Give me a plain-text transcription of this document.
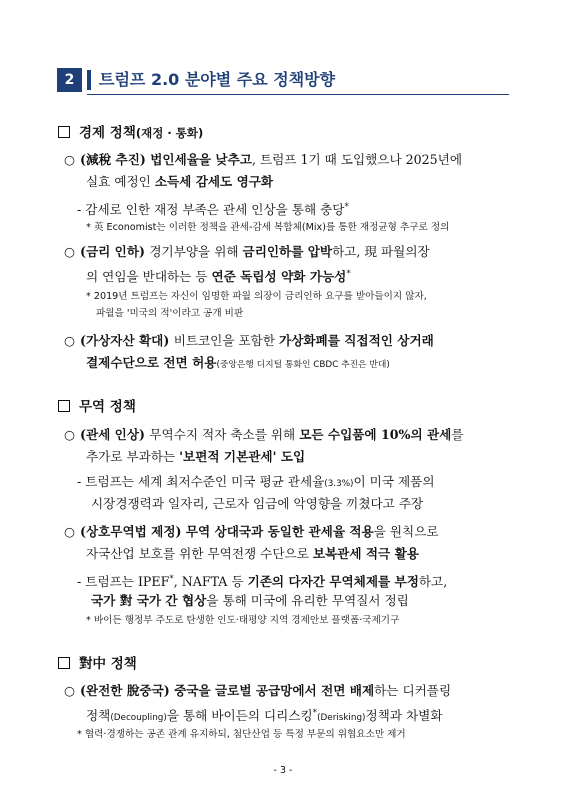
2	트럼프 2.0 분야별 주요 정책방향
경제 정책(재정 · 통화)
○ (減稅 추진) 법인세율을 낮추고, 트럼프 1기 때 도입했으나 2025년에
실효 예정인 소득세 감세도 영구화
- 감세로 인한 재정 부족은 관세 인상을 통해 충당*
* 英 Economist는 이러한 정책을 관세-감세 복합체(Mix)를 통한 재정균형 추구로 정의
○ (금리 인하) 경기부양을 위해 금리인하를 압박하고, 現 파월의장
의 연임을 반대하는 등 연준 독립성 약화 가능성*
* 2019년 트럼프는 자신이 임명한 파월 의장이 금리인하 요구를 받아들이지 않자,
파월을 '미국의 적'이라고 공개 비판
○ (가상자산 확대) 비트코인을 포함한 가상화폐를 직접적인 상거래
결제수단으로 전면 허용(중앙은행 디지털 통화인 CBDC 추진은 반대)
무역 정책
○ (관세 인상) 무역수지 적자 축소를 위해 모든 수입품에 10%의 관세를
추가로 부과하는 '보편적 기본관세' 도입
- 트럼프는 세계 최저수준인 미국 평균 관세율(3.3%)이 미국 제품의
시장경쟁력과 일자리, 근로자 임금에 악영향을 끼쳤다고 주장
○ (상호무역법 제정) 무역 상대국과 동일한 관세율 적용을 원칙으로
자국산업 보호를 위한 무역전쟁 수단으로 보복관세 적극 활용
- 트럼프는 IPEF*, NAFTA 등 기존의 다자간 무역체제를 부정하고,
국가 對 국가 간 협상을 통해 미국에 유리한 무역질서 정립
* 바이든 행정부 주도로 탄생한 인도·태평양 지역 경제안보 플랫폼·국제기구
對中 정책
○ (완전한 脫중국) 중국을 글로벌 공급망에서 전면 배제하는 디커플링
정책(Decoupling)을 통해 바이든의 디리스킹*(Derisking)정책과 차별화
* 협력·경쟁하는 공존 관계 유지하되, 첨단산업 등 특정 부문의 위협요소만 제거
- 3 -
